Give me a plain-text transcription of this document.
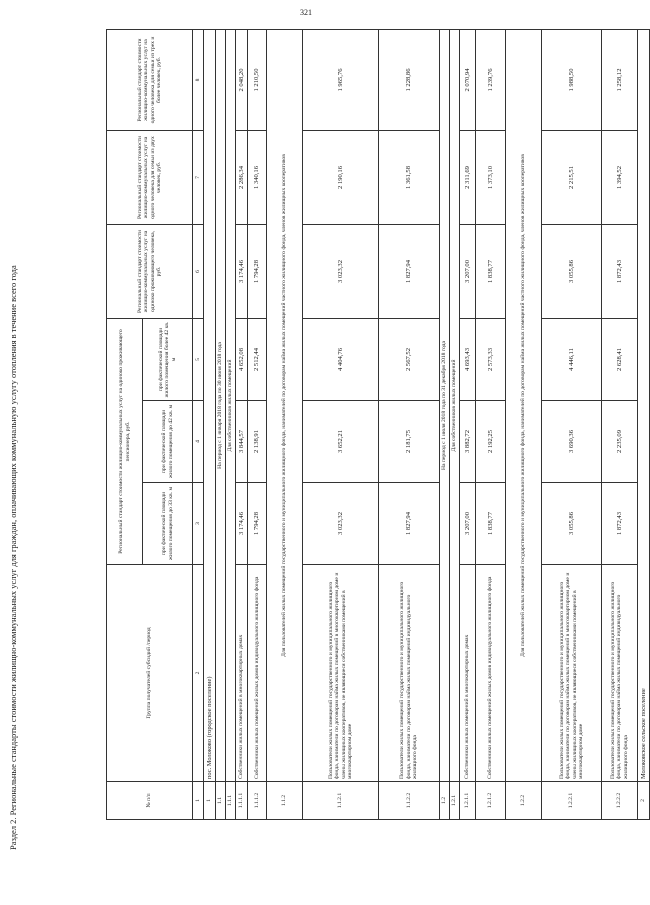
321
Раздел 2. Региональные стандарты стоимости жилищно-коммунальных услуг для граждан, оплачивающих коммунальную услугу отопления в течение всего года	№ п/п	Группа получателей субсидий /период	Региональный стандарт стоимости жилищно-коммунальных услуг на одиноко проживающего пенсионера, руб.			Региональный стандарт стоимости жилищно-коммунальных услуг на одиноко проживающего человека, руб.	Региональный стандарт стоимости жилищно-коммунальных услуг на одного человека для семьи из двух человек, руб.	Региональный стандарт стоимости жилищно-коммунальных услуг на одного человека для семьи из трех и более человек, руб.
		при фактической площади жилого помещения до 33 кв. м	при фактической площади жилого помещения до 42 кв. м	при фактической площади жилого помещения более 42 кв. м			
1	2	3	4	5	6	7	8
1	пос. Молоково (городское поселение)						
1.1	На период с 1 января 2018 года по 30 июня 2018 года						
1.1.1	Для собственников жилых помещений						
1.1.1.1	Собственники жилых помещений в многоквартирных домах	3 174,46	3 844,57	4 652,08	3 174,46	2 286,34	2 048,20
1.1.1.2	Собственники жилых помещений жилых домов индивидуального жилищного фонда	1 794,28	2 138,91	2 512,44	1 794,28	1 340,16	1 210,50
1.1.2	Для пользователей жилых помещений государственного и муниципального жилищного фонда, нанимателей по договорам найма жилых помещений частного жилищного фонда, членов жилищных кооперативов						
1.1.2.1	Пользователи жилых помещений государственного и муниципального жилищного фонда, наниматели по договорам найма жилых помещений в многоквартирном доме и члены жилищных кооперативов, не являющиеся собственниками помещений в многоквартирном доме	3 023,32	3 652,21	4 404,76	3 023,32	2 190,16	1 965,76
1.1.2.2	Пользователи жилых помещений государственного и муниципального жилищного фонда, наниматели по договорам найма жилых помещений индивидуального жилищного фонда	1 827,94	2 181,75	2 567,52	1 827,94	1 361,58	1 228,86
1.2	На период с 1 июля 2018 года по 31 декабря 2018 года						
1.2.1	Для собственников жилых помещений						
1.2.1.1	Собственники жилых помещений в многоквартирных домах	3 207,00	3 882,72	4 693,43	3 207,00	2 311,69	2 070,94
1.2.1.2	Собственники жилых помещений жилых домов индивидуального жилищного фонда	1 838,77	2 192,25	2 573,33	1 838,77	1 373,10	1 239,76
1.2.2	Для пользователей жилых помещений государственного и муниципального жилищного фонда, нанимателей по договорам найма жилых помещений частного жилищного фонда, членов жилищных кооперативов						
1.2.2.1	Пользователи жилых помещений государственного и муниципального жилищного фонда, наниматели по договорам найма жилых помещений в многоквартирном доме и члены жилищных кооперативов, не являющиеся собственниками помещений в многоквартирном доме	3 055,86	3 690,36	4 446,11	3 055,86	2 215,51	1 988,50
1.2.2.2	Пользователи жилых помещений государственного и муниципального жилищного фонда, наниматели по договорам найма жилых помещений индивидуального жилищного фонда	1 872,43	2 235,09	2 628,41	1 872,43	1 394,52	1 258,12
2	Молоковское сельское поселение						
